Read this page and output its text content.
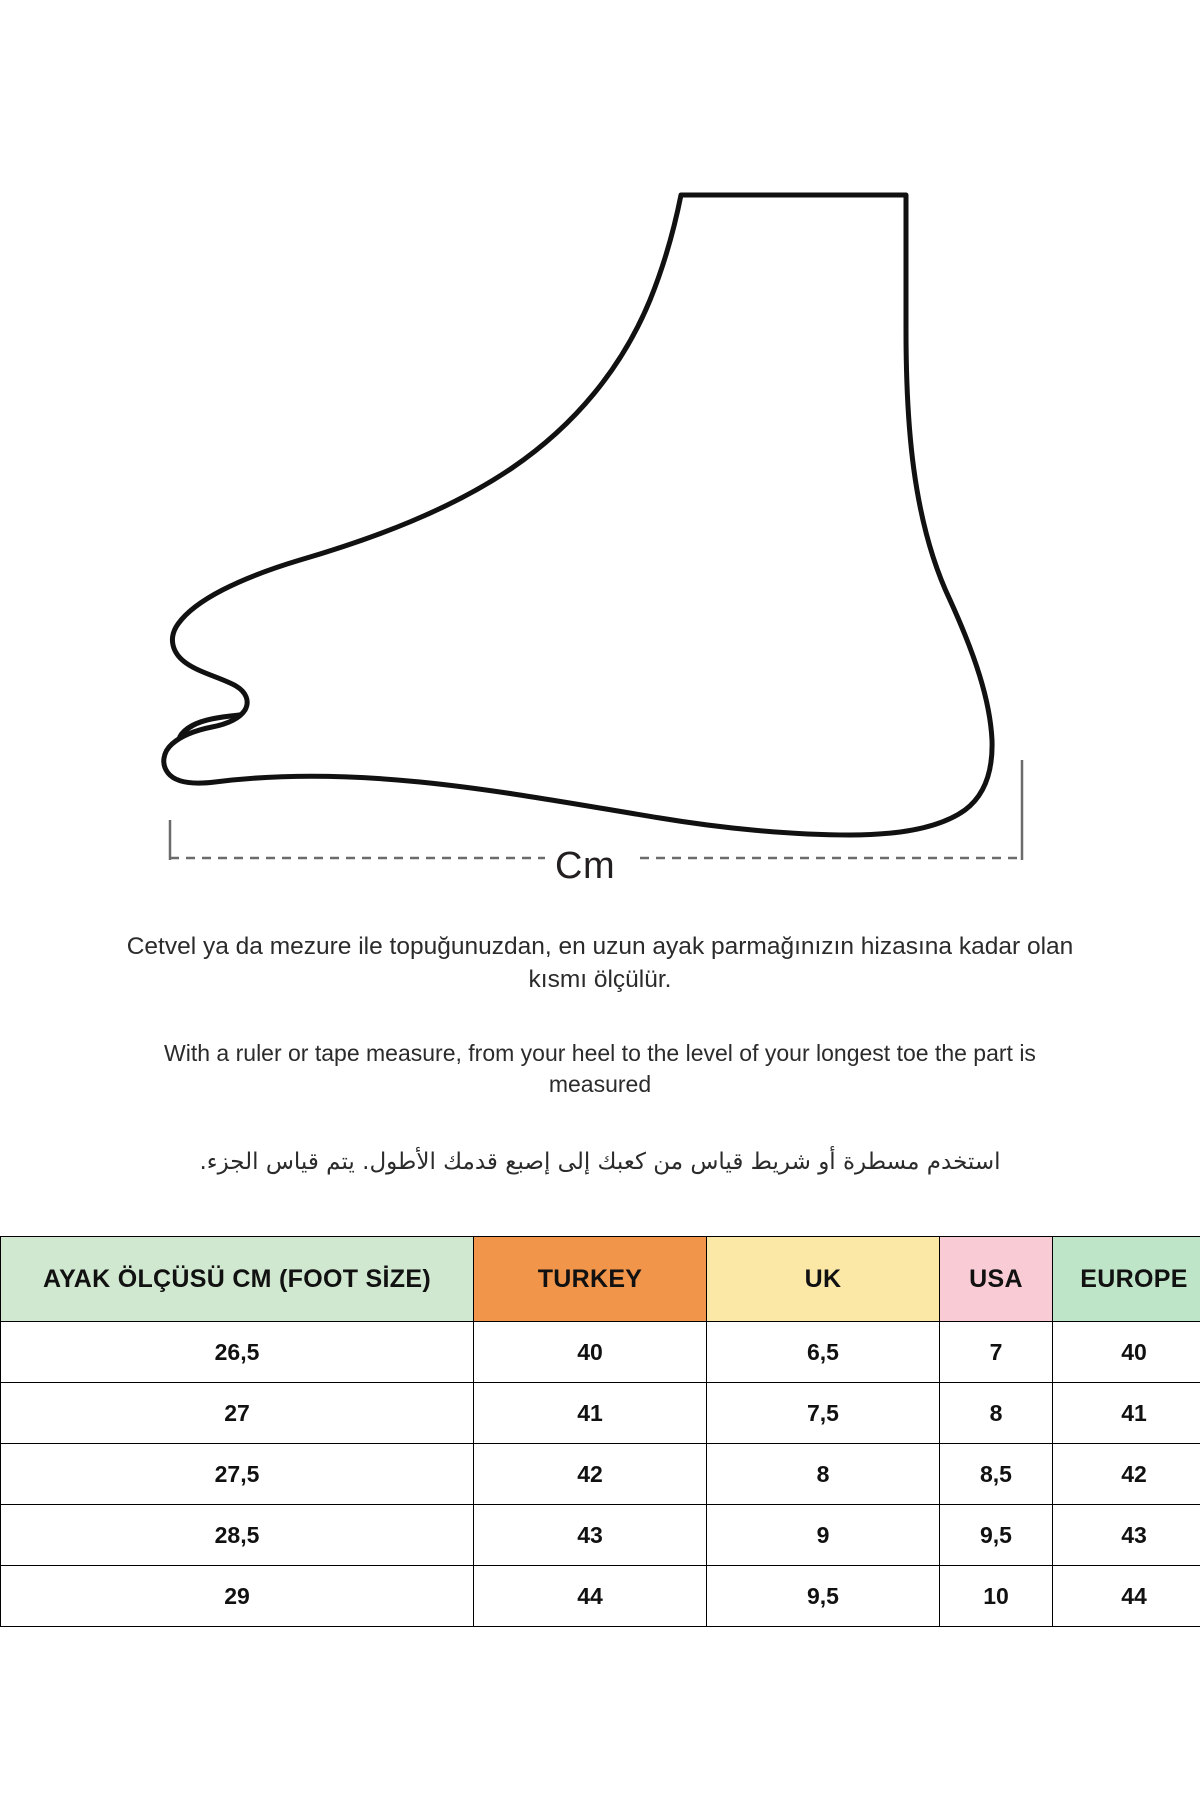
Cm

Cetvel ya da mezure ile topuğunuzdan, en uzun ayak parmağınızın hizasına kadar olan kısmı ölçülür.

With a ruler or tape measure, from your heel to the level of your longest toe the part is measured

استخدم مسطرة أو شريط قياس من كعبك إلى إصبع قدمك الأطول. يتم قياس الجزء.

AYAK ÖLÇÜSÜ CM (FOOT SİZE)	TURKEY	UK	USA	EUROPE
26,5	40	6,5	7	40
27	41	7,5	8	41
27,5	42	8	8,5	42
28,5	43	9	9,5	43
29	44	9,5	10	44
